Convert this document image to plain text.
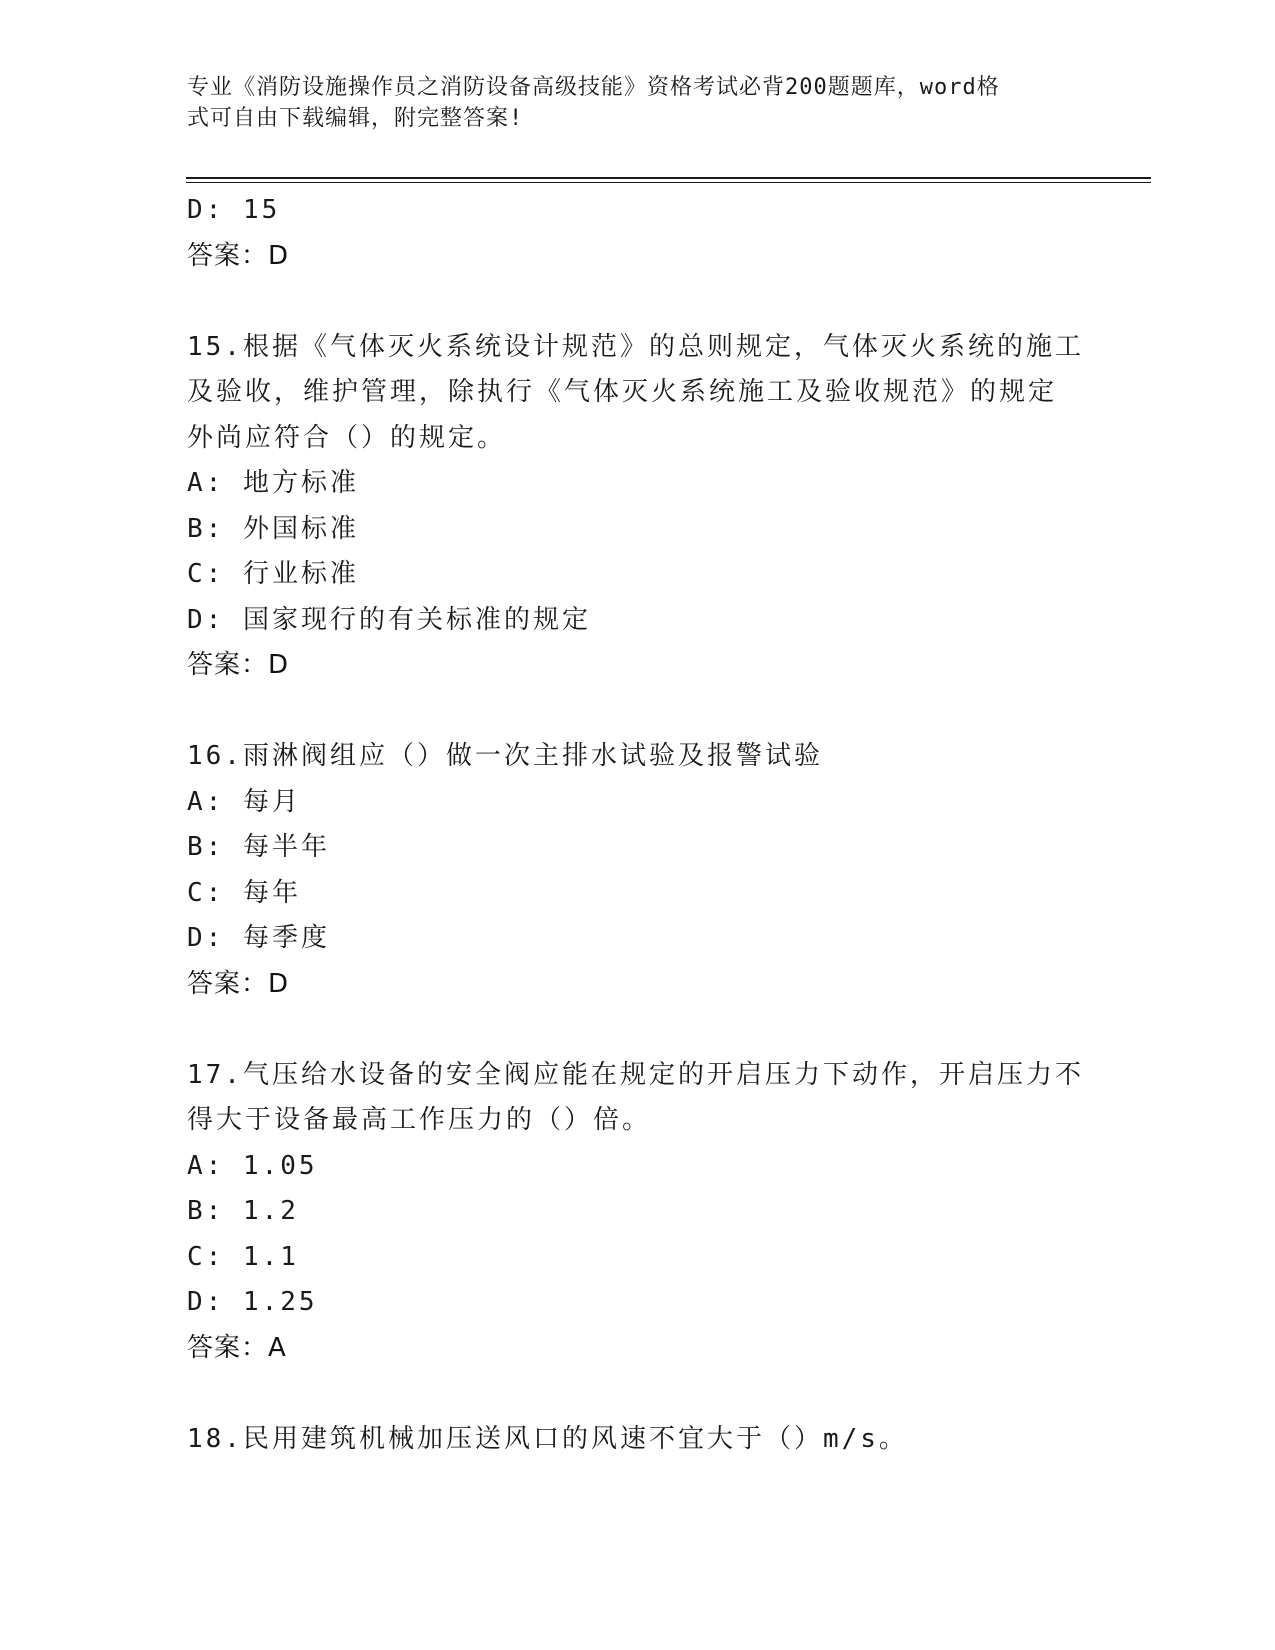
专业《消防设施操作员之消防设备高级技能》资格考试必背200题题库，word格
式可自由下载编辑，附完整答案!
D: 15
答案：D
15.根据《气体灭火系统设计规范》的总则规定，气体灭火系统的施工
及验收，维护管理，除执行《气体灭火系统施工及验收规范》的规定
外尚应符合（）的规定。
A: 地方标准
B: 外国标准
C: 行业标准
D: 国家现行的有关标准的规定
答案：D
16.雨淋阀组应（）做一次主排水试验及报警试验
A: 每月
B: 每半年
C: 每年
D: 每季度
答案：D
17.气压给水设备的安全阀应能在规定的开启压力下动作，开启压力不
得大于设备最高工作压力的（）倍。
A: 1.05
B: 1.2
C: 1.1
D: 1.25
答案：A
18.民用建筑机械加压送风口的风速不宜大于（）m/s。
